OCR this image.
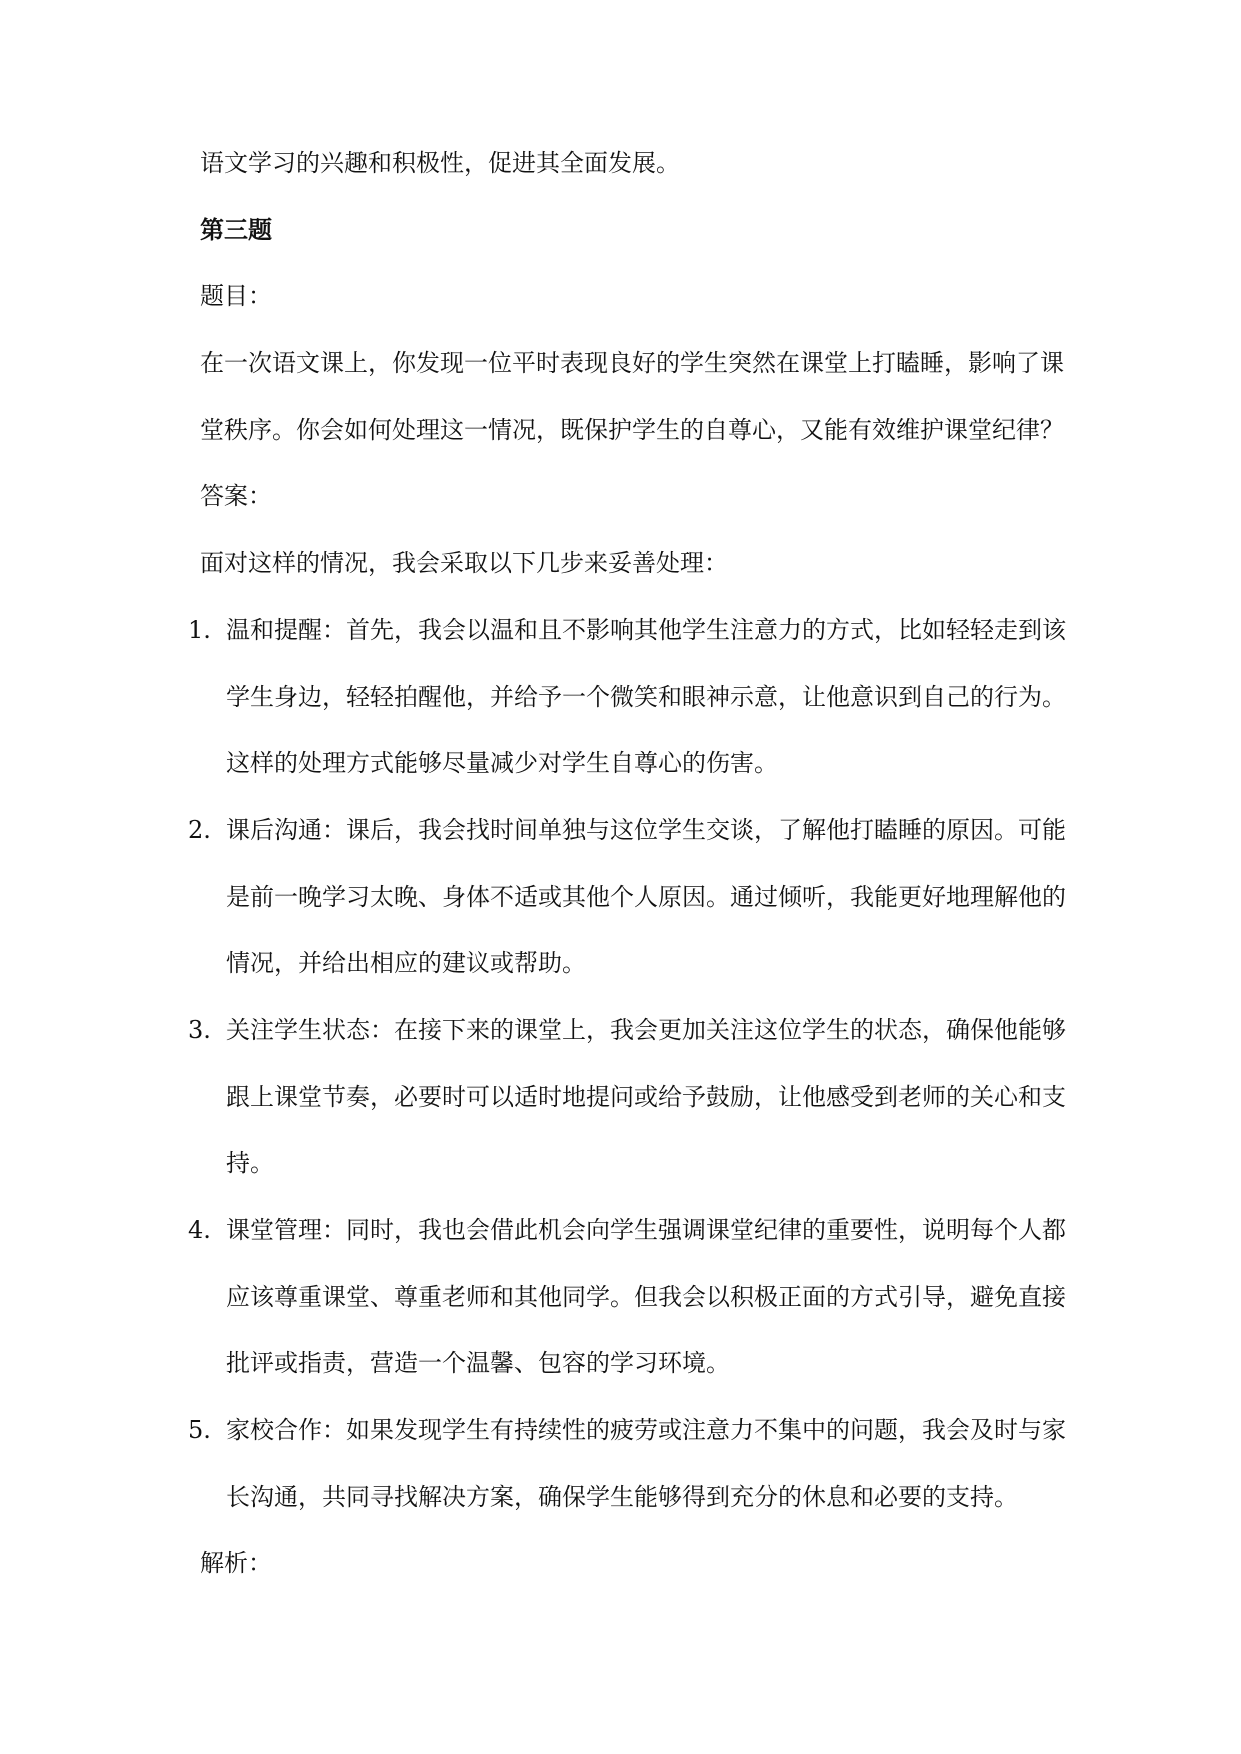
语文学习的兴趣和积极性，促进其全面发展。
第三题
题目：
在一次语文课上，你发现一位平时表现良好的学生突然在课堂上打瞌睡，影响了课
堂秩序。你会如何处理这一情况，既保护学生的自尊心，又能有效维护课堂纪律？
答案：
面对这样的情况，我会采取以下几步来妥善处理：
1. 温和提醒：首先，我会以温和且不影响其他学生注意力的方式，比如轻轻走到该
学生身边，轻轻拍醒他，并给予一个微笑和眼神示意，让他意识到自己的行为。
这样的处理方式能够尽量减少对学生自尊心的伤害。
2. 课后沟通：课后，我会找时间单独与这位学生交谈，了解他打瞌睡的原因。可能
是前一晚学习太晚、身体不适或其他个人原因。通过倾听，我能更好地理解他的
情况，并给出相应的建议或帮助。
3. 关注学生状态：在接下来的课堂上，我会更加关注这位学生的状态，确保他能够
跟上课堂节奏，必要时可以适时地提问或给予鼓励，让他感受到老师的关心和支
持。
4. 课堂管理：同时，我也会借此机会向学生强调课堂纪律的重要性，说明每个人都
应该尊重课堂、尊重老师和其他同学。但我会以积极正面的方式引导，避免直接
批评或指责，营造一个温馨、包容的学习环境。
5. 家校合作：如果发现学生有持续性的疲劳或注意力不集中的问题，我会及时与家
长沟通，共同寻找解决方案，确保学生能够得到充分的休息和必要的支持。
解析：
